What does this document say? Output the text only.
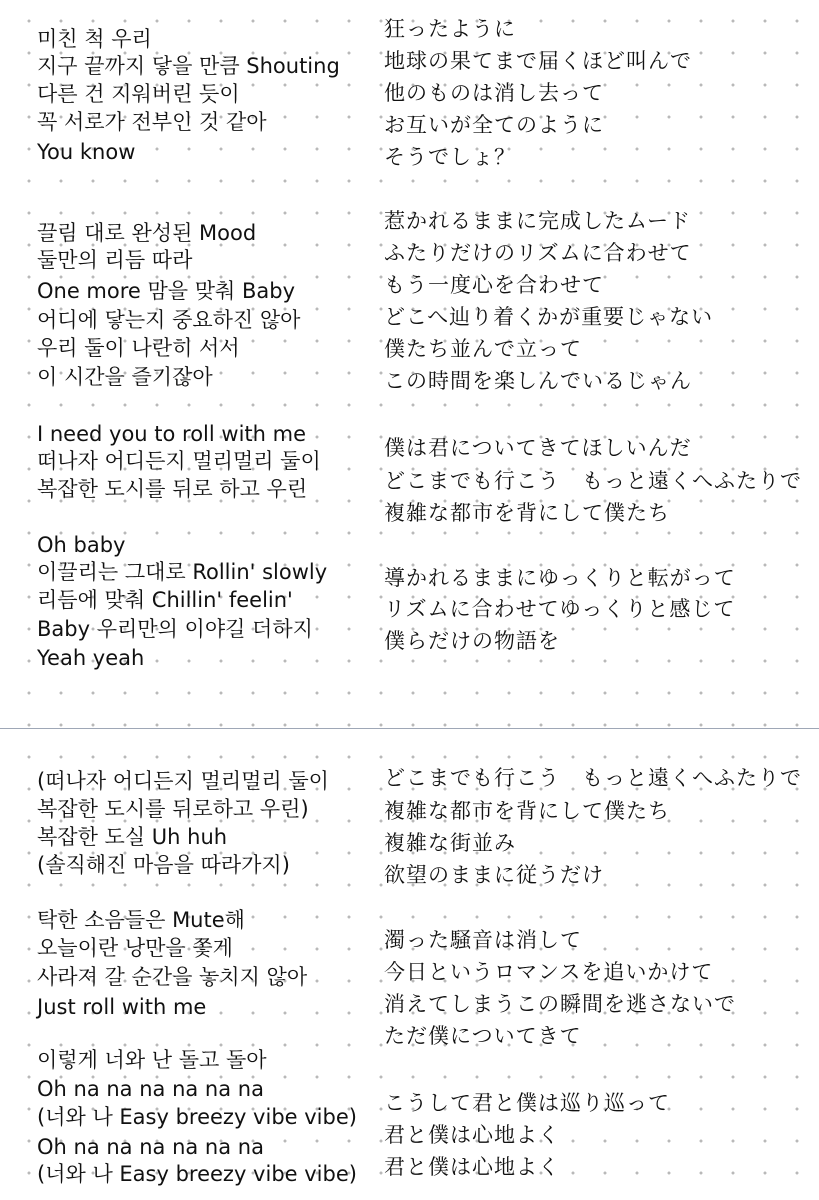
미친 척 우리
지구 끝까지 닿을 만큼 Shouting
다른 건 지워버린 듯이
꼭 서로가 전부인 것 같아
You know
끌림 대로 완성된 Mood
둘만의 리듬 따라
One more 맘을 맞춰 Baby
어디에 닿는지 중요하진 않아
우리 둘이 나란히 서서
이 시간을 즐기잖아
I need you to roll with me
떠나자 어디든지 멀리멀리 둘이
복잡한 도시를 뒤로 하고 우린
Oh baby
이끌리는 그대로 Rollin' slowly
리듬에 맞춰 Chillin' feelin'
Baby 우리만의 이야길 더하지
Yeah yeah
狂ったように
地球の果てまで届くほど叫んで
他のものは消し去って
お互いが全てのように
そうでしょ？
惹かれるままに完成したムード
ふたりだけのリズムに合わせて
もう一度心を合わせて
どこへ辿り着くかが重要じゃない
僕たち並んで立って
この時間を楽しんでいるじゃん
僕は君についてきてほしいんだ
どこまでも行こう　もっと遠くへふたりで
複雑な都市を背にして僕たち
導かれるままにゆっくりと転がって
リズムに合わせてゆっくりと感じて
僕らだけの物語を
(떠나자 어디든지 멀리멀리 둘이
복잡한 도시를 뒤로하고 우린)
복잡한 도실 Uh huh
(솔직해진 마음을 따라가지)
탁한 소음들은 Mute해
오늘이란 낭만을 쫓게
사라져 갈 순간을 놓치지 않아
Just roll with me
이렇게 너와 난 돌고 돌아
Oh na na na na na na
(너와 나 Easy breezy vibe vibe)
Oh na na na na na na
(너와 나 Easy breezy vibe vibe)
どこまでも行こう　もっと遠くへふたりで
複雑な都市を背にして僕たち
複雑な街並み
欲望のままに従うだけ
濁った騒音は消して
今日というロマンスを追いかけて
消えてしまうこの瞬間を逃さないで
ただ僕についてきて
こうして君と僕は巡り巡って
君と僕は心地よく
君と僕は心地よく
